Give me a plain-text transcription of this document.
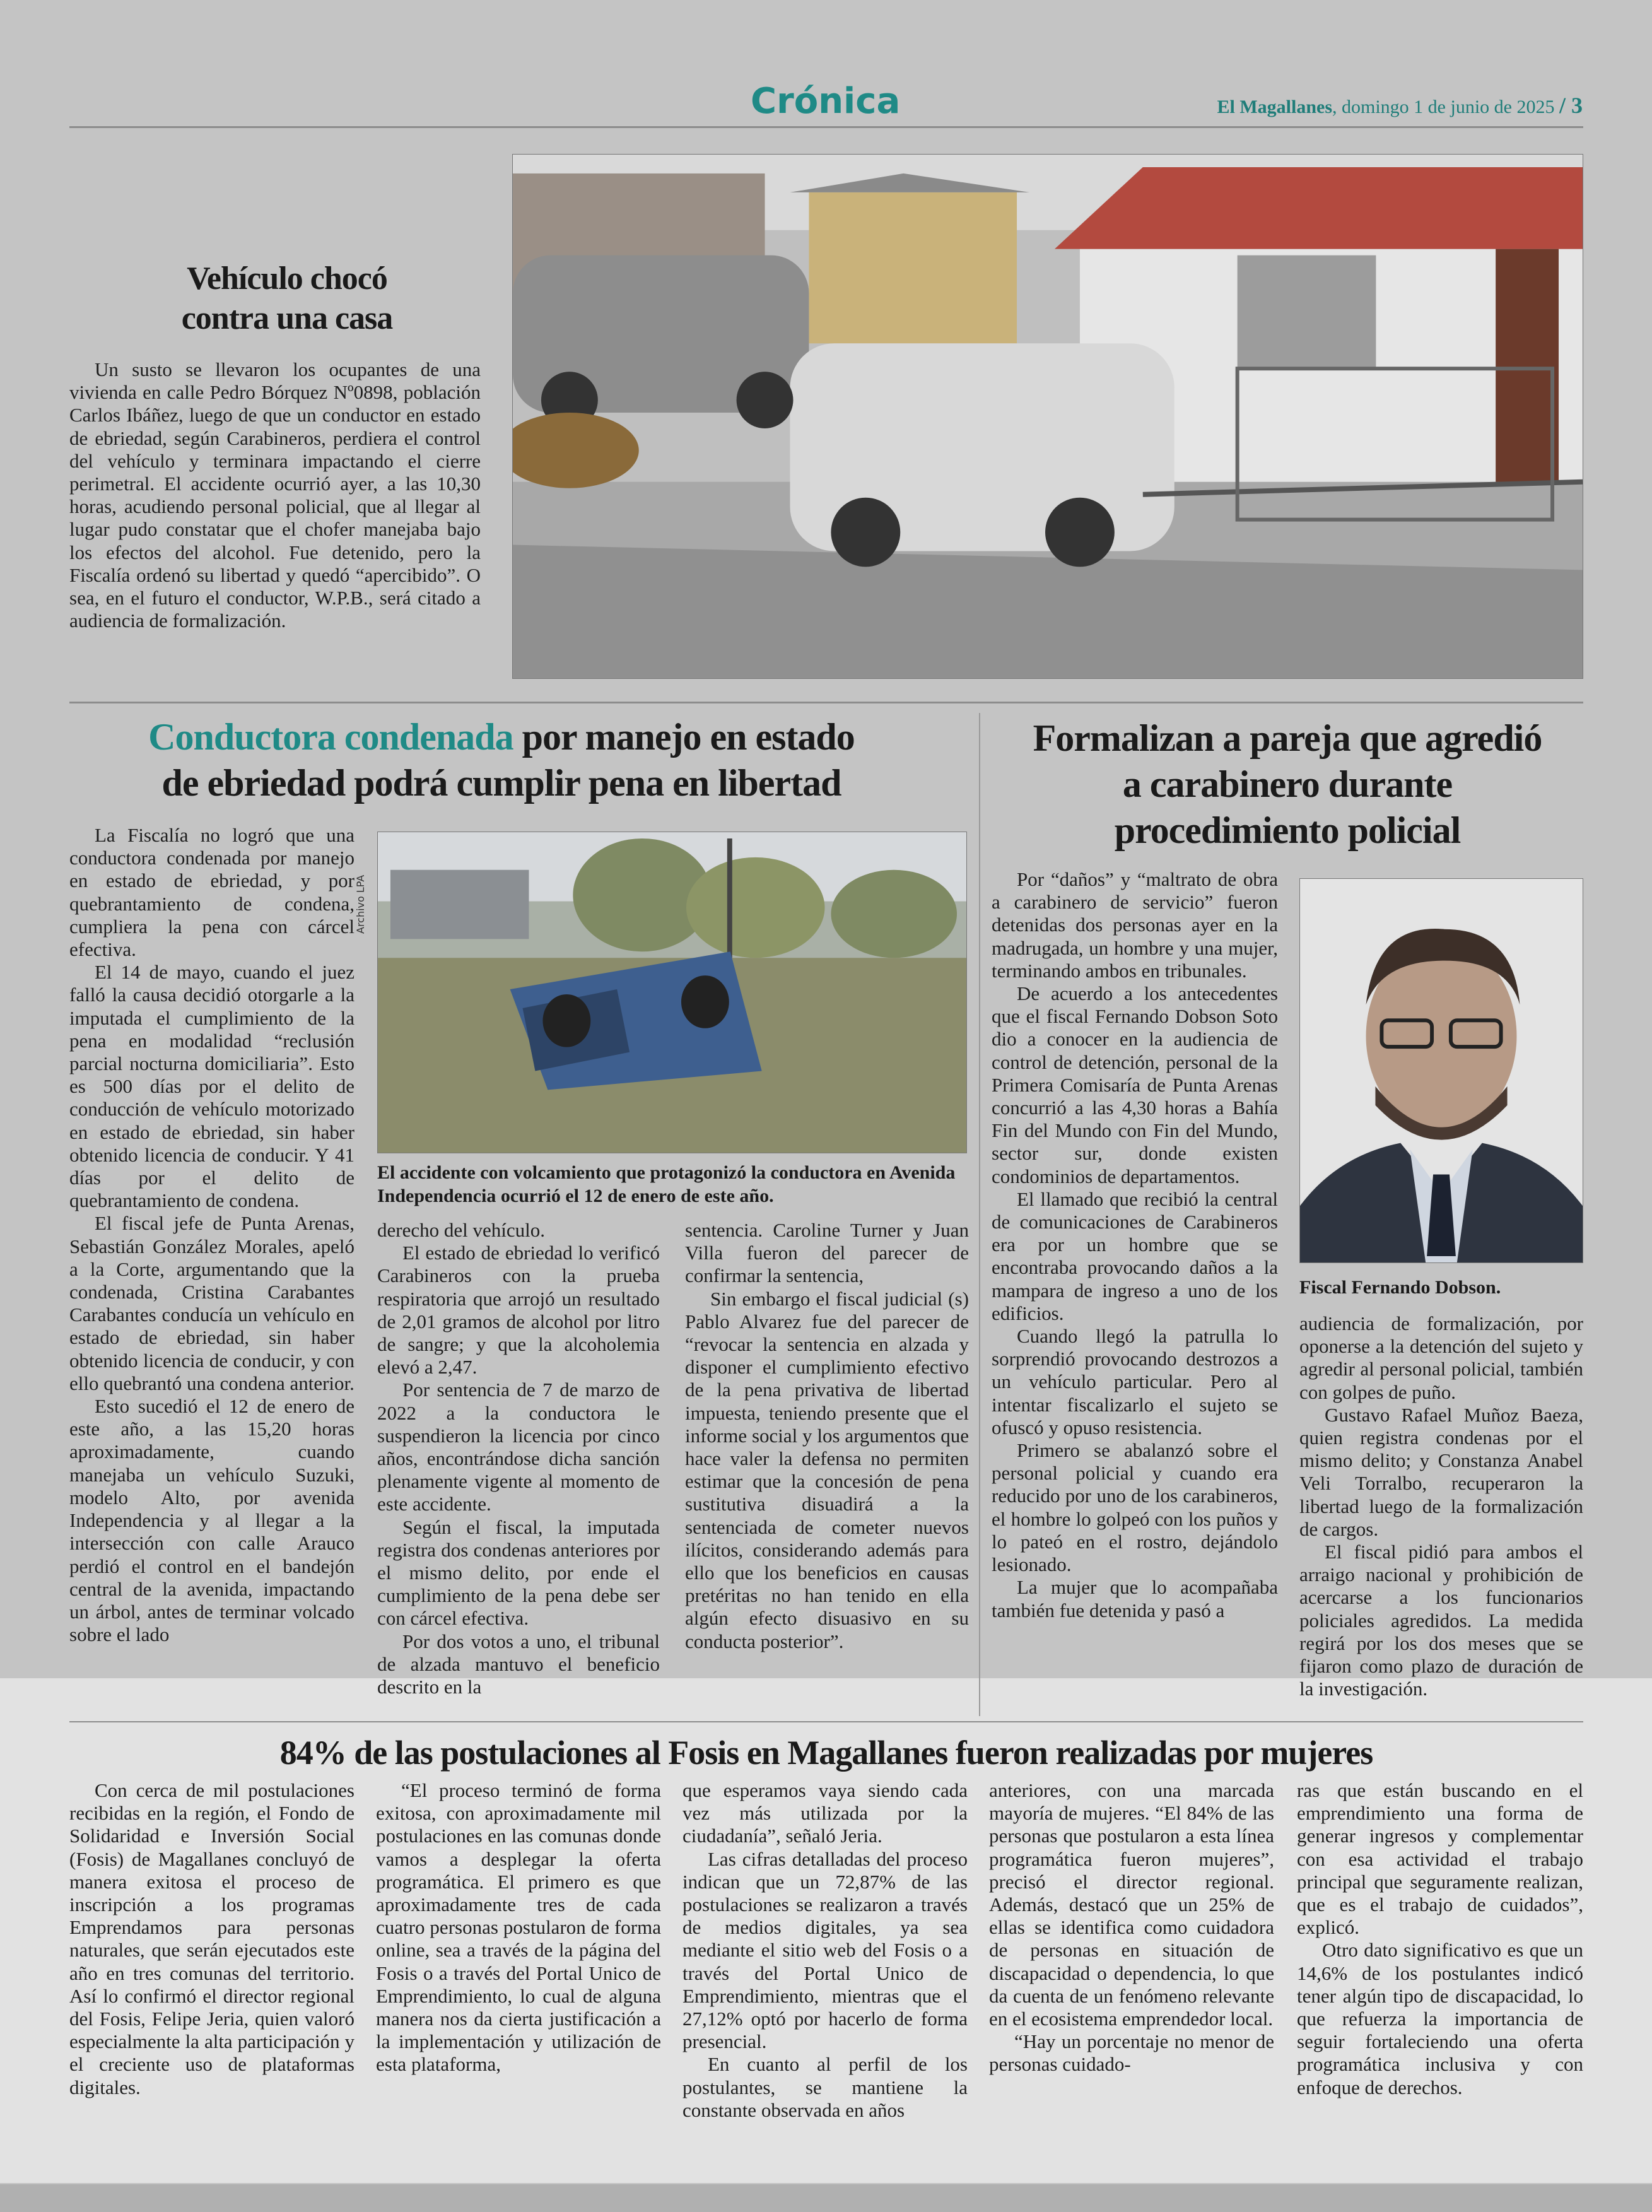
Crónica	El Magallanes, domingo 1 de junio de 2025 / 3
Vehículo chocó
contra una casa

Un susto se llevaron los ocupantes de una vivienda en calle Pedro Bórquez Nº0898, población Carlos Ibáñez, luego de que un conductor en estado de ebriedad, según Carabineros, perdiera el control del vehículo y terminara impactando el cierre perimetral. El accidente ocurrió ayer, a las 10,30 horas, acudiendo personal policial, que al llegar al lugar pudo constatar que el chofer manejaba bajo los efectos del alcohol. Fue detenido, pero la Fiscalía ordenó su libertad y quedó “apercibido”. O sea, en el futuro el conductor, W.P.B., será citado a audiencia de formalización.

Conductora condenada por manejo en estado
de ebriedad podrá cumplir pena en libertad

La Fiscalía no logró que una conductora condenada por manejo en estado de ebriedad, y por quebrantamiento de condena, cumpliera la pena con cárcel efectiva.

El 14 de mayo, cuando el juez falló la causa decidió otorgarle a la imputada el cumplimiento de la pena en modalidad “reclusión parcial nocturna domiciliaria”. Esto es 500 días por el delito de conducción de vehículo motorizado en estado de ebriedad, sin haber obtenido licencia de conducir. Y 41 días por el delito de quebrantamiento de condena.

El fiscal jefe de Punta Arenas, Sebastián González Morales, apeló a la Corte, argumentando que la condenada, Cristina Carabantes Carabantes conducía un vehículo en estado de ebriedad, sin haber obtenido licencia de conducir, y con ello quebrantó una condena anterior.

Esto sucedió el 12 de enero de este año, a las 15,20 horas aproximadamente, cuando manejaba un vehículo Suzuki, modelo Alto, por avenida Independencia y al llegar a la intersección con calle Arauco perdió el control en el bandejón central de la avenida, impactando un árbol, antes de terminar volcado sobre el lado

Archivo LPA
El accidente con volcamiento que protagonizó la conductora en Avenida Independencia ocurrió el 12 de enero de este año.

derecho del vehículo.

El estado de ebriedad lo verificó Carabineros con la prueba respiratoria que arrojó un resultado de 2,01 gramos de alcohol por litro de sangre; y que la alcoholemia elevó a 2,47.

Por sentencia de 7 de marzo de 2022 a la conductora le suspendieron la licencia por cinco años, encontrándose dicha sanción plenamente vigente al momento de este accidente.

Según el fiscal, la imputada registra dos condenas anteriores por el mismo delito, por ende el cumplimiento de la pena debe ser con cárcel efectiva.

Por dos votos a uno, el tribunal de alzada mantuvo el beneficio descrito en la

sentencia. Caroline Turner y Juan Villa fueron del parecer de confirmar la sentencia,

Sin embargo el fiscal judicial (s) Pablo Alvarez fue del parecer de “revocar la sentencia en alzada y disponer el cumplimiento efectivo de la pena privativa de libertad impuesta, teniendo presente que el informe social y los argumentos que hace valer la defensa no permiten estimar que la concesión de pena sustitutiva disuadirá a la sentenciada de cometer nuevos ilícitos, considerando además para ello que los beneficios en causas pretéritas no han tenido en ella algún efecto disuasivo en su conducta posterior”.

Formalizan a pareja que agredió
a carabinero durante
procedimiento policial

Por “daños” y “maltrato de obra a carabinero de servicio” fueron detenidas dos personas ayer en la madrugada, un hombre y una mujer, terminando ambos en tribunales.

De acuerdo a los antecedentes que el fiscal Fernando Dobson Soto dio a conocer en la audiencia de control de detención, personal de la Primera Comisaría de Punta Arenas concurrió a las 4,30 horas a Bahía Fin del Mundo con Fin del Mundo, sector sur, donde existen condominios de departamentos.

El llamado que recibió la central de comunicaciones de Carabineros era por un hombre que se encontraba provocando daños a la mampara de ingreso a uno de los edificios.

Cuando llegó la patrulla lo sorprendió provocando destrozos a un vehículo particular. Pero al intentar fiscalizarlo el sujeto se ofuscó y opuso resistencia.

Primero se abalanzó sobre el personal policial y cuando era reducido por uno de los carabineros, el hombre lo golpeó con los puños y lo pateó en el rostro, dejándolo lesionado.

La mujer que lo acompañaba también fue detenida y pasó a

Fiscal Fernando Dobson.

audiencia de formalización, por oponerse a la detención del sujeto y agredir al personal policial, también con golpes de puño.

Gustavo Rafael Muñoz Baeza, quien registra condenas por el mismo delito; y Constanza Anabel Veli Torralbo, recuperaron la libertad luego de la formalización de cargos.

El fiscal pidió para ambos el arraigo nacional y prohibición de acercarse a los funcionarios policiales agredidos. La medida regirá por los dos meses que se fijaron como plazo de duración de la investigación.

84% de las postulaciones al Fosis en Magallanes fueron realizadas por mujeres

Con cerca de mil postulaciones recibidas en la región, el Fondo de Solidaridad e Inversión Social (Fosis) de Magallanes concluyó de manera exitosa el proceso de inscripción a los programas Emprendamos para personas naturales, que serán ejecutados este año en tres comunas del territorio. Así lo confirmó el director regional del Fosis, Felipe Jeria, quien valoró especialmente la alta participación y el creciente uso de plataformas digitales.

“El proceso terminó de forma exitosa, con aproximadamente mil postulaciones en las comunas donde vamos a desplegar la oferta programática. El primero es que aproximadamente tres de cada cuatro personas postularon de forma online, sea a través de la página del Fosis o a través del Portal Unico de Emprendimiento, lo cual de alguna manera nos da cierta justificación a la implementación y utilización de esta plataforma,

que esperamos vaya siendo cada vez más utilizada por la ciudadanía”, señaló Jeria.

Las cifras detalladas del proceso indican que un 72,87% de las postulaciones se realizaron a través de medios digitales, ya sea mediante el sitio web del Fosis o a través del Portal Unico de Emprendimiento, mientras que el 27,12% optó por hacerlo de forma presencial.

En cuanto al perfil de los postulantes, se mantiene la constante observada en años

anteriores, con una marcada mayoría de mujeres. “El 84% de las personas que postularon a esta línea programática fueron mujeres”, precisó el director regional. Además, destacó que un 25% de ellas se identifica como cuidadora de personas en situación de discapacidad o dependencia, lo que da cuenta de un fenómeno relevante en el ecosistema emprendedor local.

“Hay un porcentaje no menor de personas cuidado-

ras que están buscando en el emprendimiento una forma de generar ingresos y complementar con esa actividad el trabajo principal que seguramente realizan, que es el trabajo de cuidados”, explicó.

Otro dato significativo es que un 14,6% de los postulantes indicó tener algún tipo de discapacidad, lo que refuerza la importancia de seguir fortaleciendo una oferta programática inclusiva y con enfoque de derechos.
